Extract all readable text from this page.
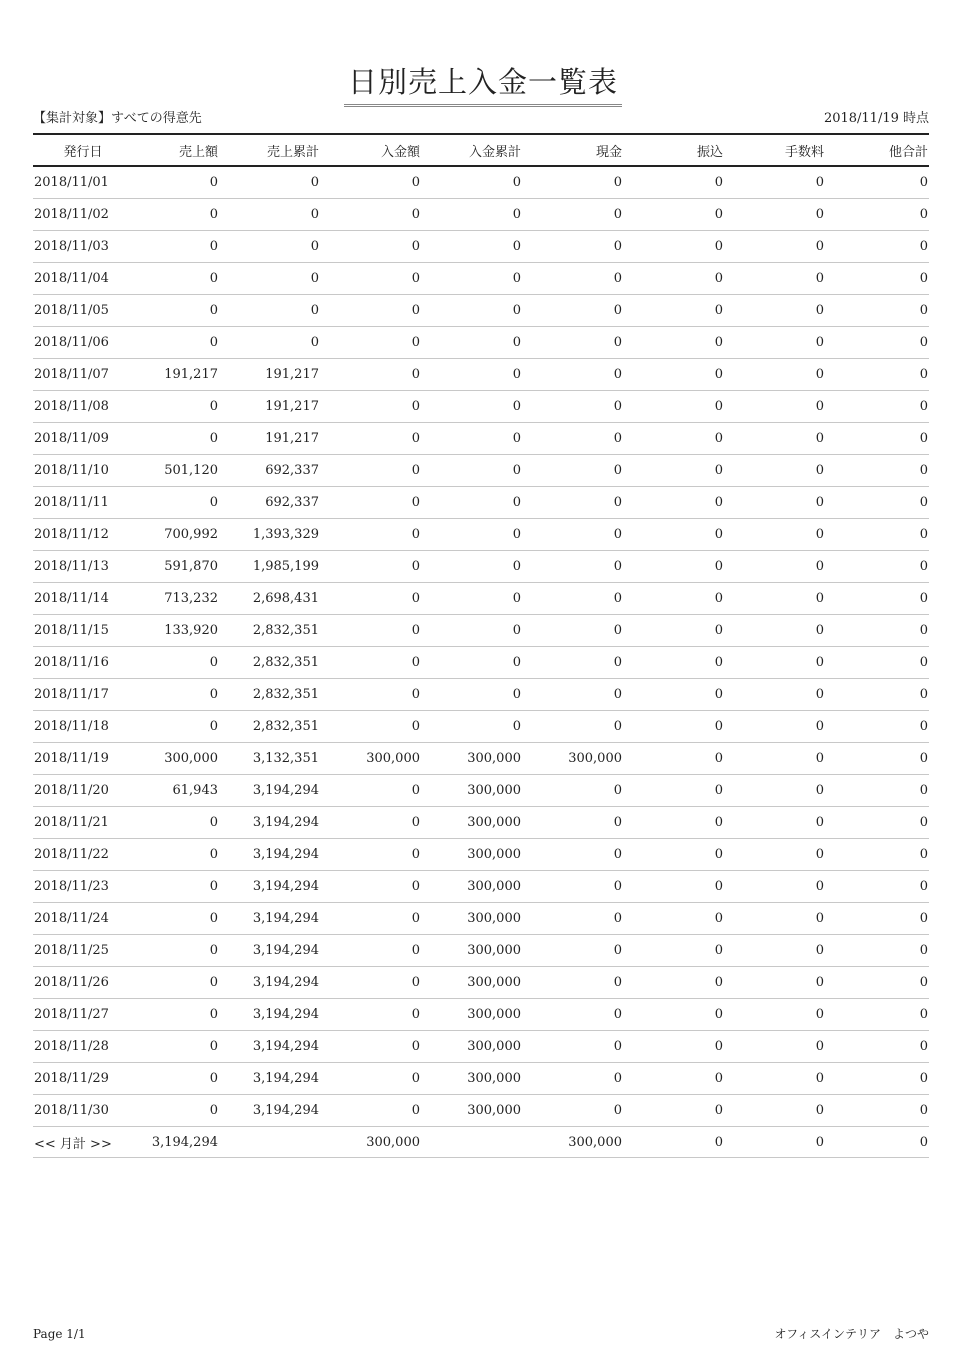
日別売上入金一覧表
【集計対象】すべての得意先	2018/11/19 時点
発行日	売上額	売上累計	入金額	入金累計	現金	振込	手数料	他合計
2018/11/01	0	0	0	0	0	0	0	0
2018/11/02	0	0	0	0	0	0	0	0
2018/11/03	0	0	0	0	0	0	0	0
2018/11/04	0	0	0	0	0	0	0	0
2018/11/05	0	0	0	0	0	0	0	0
2018/11/06	0	0	0	0	0	0	0	0
2018/11/07	191,217	191,217	0	0	0	0	0	0
2018/11/08	0	191,217	0	0	0	0	0	0
2018/11/09	0	191,217	0	0	0	0	0	0
2018/11/10	501,120	692,337	0	0	0	0	0	0
2018/11/11	0	692,337	0	0	0	0	0	0
2018/11/12	700,992	1,393,329	0	0	0	0	0	0
2018/11/13	591,870	1,985,199	0	0	0	0	0	0
2018/11/14	713,232	2,698,431	0	0	0	0	0	0
2018/11/15	133,920	2,832,351	0	0	0	0	0	0
2018/11/16	0	2,832,351	0	0	0	0	0	0
2018/11/17	0	2,832,351	0	0	0	0	0	0
2018/11/18	0	2,832,351	0	0	0	0	0	0
2018/11/19	300,000	3,132,351	300,000	300,000	300,000	0	0	0
2018/11/20	61,943	3,194,294	0	300,000	0	0	0	0
2018/11/21	0	3,194,294	0	300,000	0	0	0	0
2018/11/22	0	3,194,294	0	300,000	0	0	0	0
2018/11/23	0	3,194,294	0	300,000	0	0	0	0
2018/11/24	0	3,194,294	0	300,000	0	0	0	0
2018/11/25	0	3,194,294	0	300,000	0	0	0	0
2018/11/26	0	3,194,294	0	300,000	0	0	0	0
2018/11/27	0	3,194,294	0	300,000	0	0	0	0
2018/11/28	0	3,194,294	0	300,000	0	0	0	0
2018/11/29	0	3,194,294	0	300,000	0	0	0	0
2018/11/30	0	3,194,294	0	300,000	0	0	0	0
<< 月計 >>	3,194,294		300,000		300,000	0	0	0
Page 1/1	オフィスインテリア　よつや
